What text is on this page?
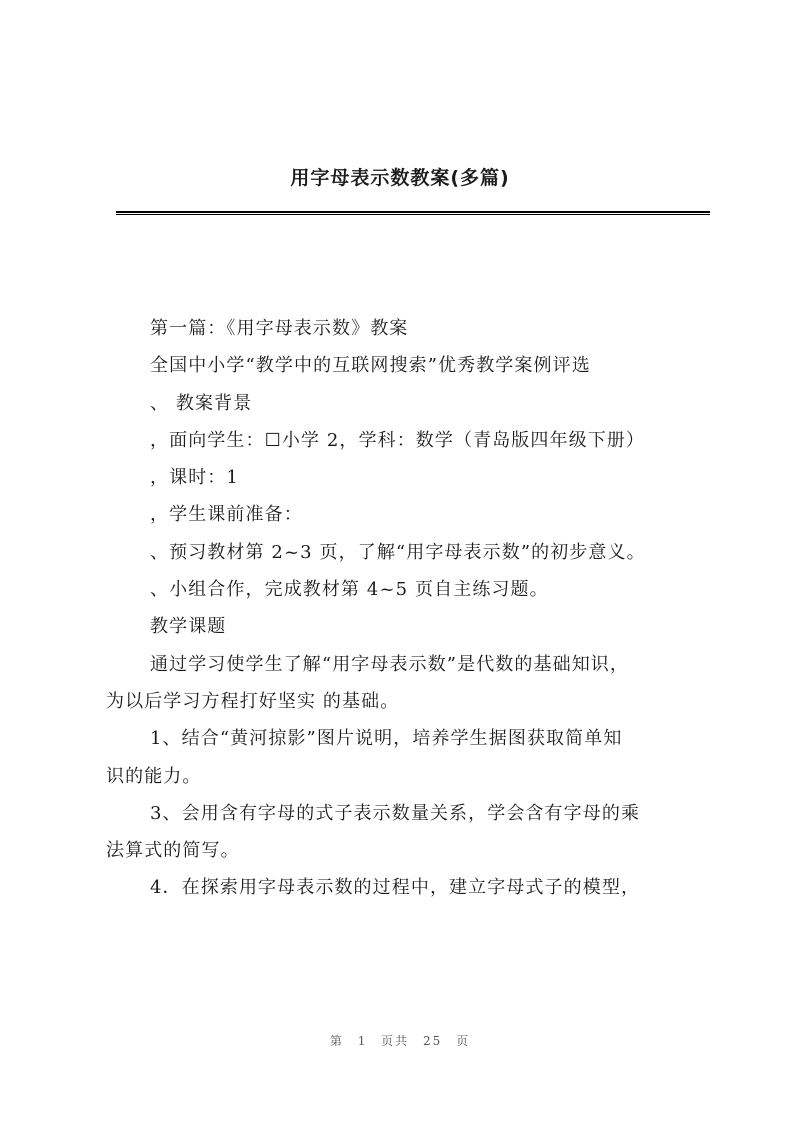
用字母表示数教案(多篇)
第一篇：《用字母表示数》教案
全国中小学“教学中的互联网搜索”优秀教学案例评选
、 教案背景
，面向学生：☐小学 2，学科：数学（青岛版四年级下册）
，课时：1
，学生课前准备：
、预习教材第 2~3 页，了解“用字母表示数”的初步意义。
、小组合作，完成教材第 4~5 页自主练习题。
教学课题
通过学习使学生了解“用字母表示数”是代数的基础知识，
为以后学习方程打好坚实 的基础。
1、结合“黄河掠影”图片说明，培养学生据图获取简单知
识的能力。
3、会用含有字母的式子表示数量关系，学会含有字母的乘
法算式的简写。
4．在探索用字母表示数的过程中，建立字母式子的模型，
第 1 页共 25 页
